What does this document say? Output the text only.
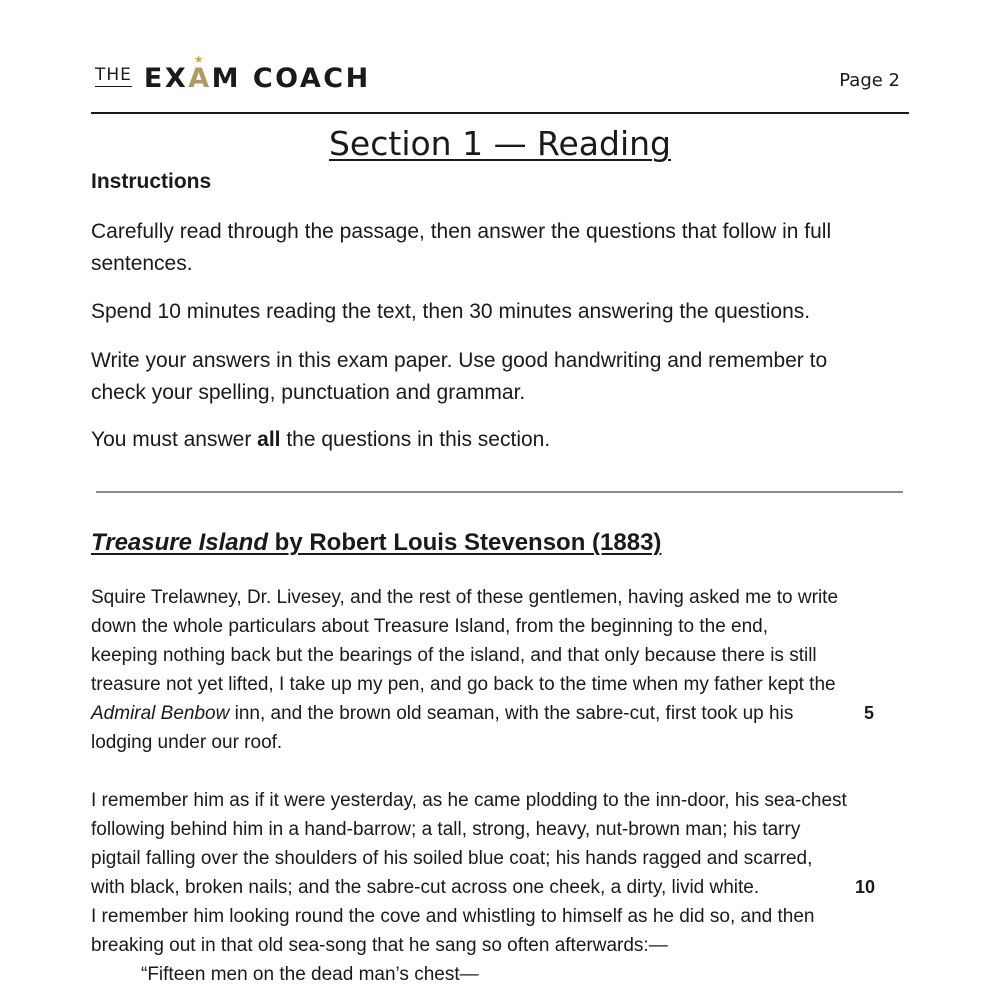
THE EX
★
A M COACH	Page 2
Section 1 — Reading
Instructions

Carefully read through the passage, then answer the questions that follow in full sentences.

Spend 10 minutes reading the text, then 30 minutes answering the questions.

Write your answers in this exam paper. Use good handwriting and remember to check your spelling, punctuation and grammar.

You must answer all the questions in this section.

Treasure Island by Robert Louis Stevenson (1883)
Squire Trelawney, Dr. Livesey, and the rest of these gentlemen, having asked me to write
down the whole particulars about Treasure Island, from the beginning to the end,
keeping nothing back but the bearings of the island, and that only because there is still
treasure not yet lifted, I take up my pen, and go back to the time when my father kept the
Admiral Benbow inn, and the brown old seaman, with the sabre-cut, first took up his	5
lodging under our roof.
I remember him as if it were yesterday, as he came plodding to the inn-door, his sea-chest
following behind him in a hand-barrow; a tall, strong, heavy, nut-brown man; his tarry
pigtail falling over the shoulders of his soiled blue coat; his hands ragged and scarred,
with black, broken nails; and the sabre-cut across one cheek, a dirty, livid white.	10
I remember him looking round the cove and whistling to himself as he did so, and then
breaking out in that old sea-song that he sang so often afterwards:—
“Fifteen men on the dead man’s chest—
